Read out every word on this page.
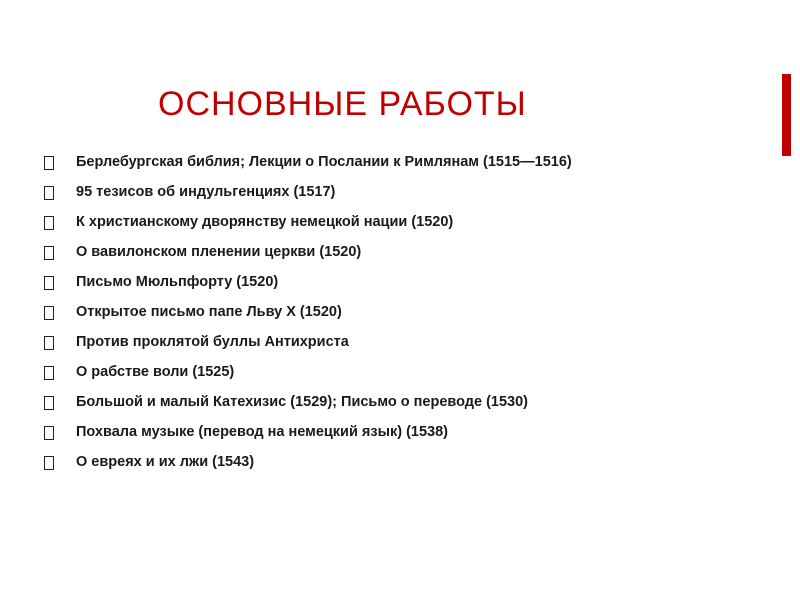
ОСНОВНЫЕ РАБОТЫ
Берлебургская библия; Лекции о Послании к Римлянам (1515—1516)
95 тезисов об индульгенциях (1517)
К христианскому дворянству немецкой нации (1520)
О вавилонском пленении церкви (1520)
Письмо Мюльпфорту (1520)
Открытое письмо папе Льву X (1520)
Против проклятой буллы Антихриста
О рабстве воли (1525)
Большой и малый Катехизис (1529); Письмо о переводе (1530)
Похвала музыке (перевод на немецкий язык) (1538)
О евреях и их лжи (1543)
